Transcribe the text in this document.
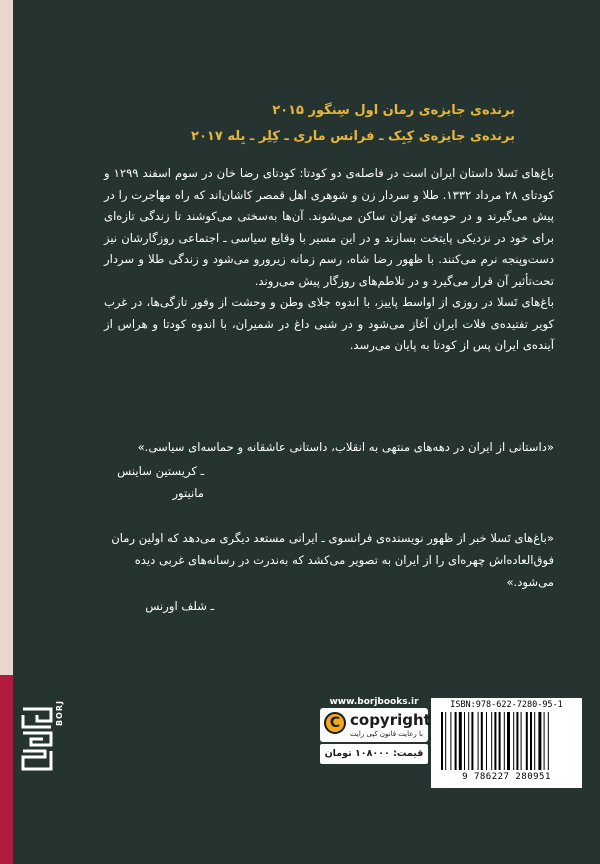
برنده‌ی جایزه‌ی رمان اول سِنگور ۲۰۱۵
برنده‌ی جایزه‌ی کِبِک ـ فرانس ماری ـ کِلِر ـ بِله ۲۰۱۷

باغ‌های تَسلا داستان ایران است در فاصله‌ی دو کودتا: کودتای رضا خان در سوم اسفند ۱۲۹۹ و کودتای ۲۸ مرداد ۱۳۳۲. طلا و سردار زن و شوهری اهل قمصر کاشان‌اند که راه مهاجرت را در پیش می‌گیرند و در حومه‌ی تهران ساکن می‌شوند. آن‌ها به‌سختی می‌کوشند تا زندگی تازه‌ای برای خود در نزدیکی پایتخت بسازند و در این مسیر با وقایع سیاسی ـ اجتماعی روزگارشان نیز دست‌وپنجه نرم می‌کنند. با ظهور رضا شاه، رسم زمانه زیرورو می‌شود و زندگی طلا و سردار تحت‌تأثیر آن قرار می‌گیرد و در تلاطم‌های روزگار پیش می‌روند.

باغ‌های تَسلا در روزی از اواسط پاییز، با اندوه جلای وطن و وحشت از وفور تازگی‌ها، در غرب کویر تفتیده‌ی فلات ایران آغاز می‌شود و در شبی داغ در شمیران، با اندوه کودتا و هراس از آینده‌ی ایران پس از کودتا به پایان می‌رسد.

«داستانی از ایران در دهه‌های منتهی به انقلاب، داستانی عاشقانه و حماسه‌ای سیاسی.»

ـ کریستین ساینس مانیتور

«باغ‌های تَسلا خبر از ظهور نویسنده‌ی فرانسوی ـ ایرانی مستعد دیگری می‌دهد که اولین رمان فوق‌العاده‌اش چهره‌ای را از ایران به تصویر می‌کشد که به‌ندرت در رسانه‌های غربی دیده می‌شود.»

ـ شلف اورنس

BORJ	www.borjbooks.ir
C copyright
با رعایت قانون کپی رایت
قیمت: ۱۰۸۰۰۰ تومان
ISBN:978-622-7280-95-1
9 786227 280951
